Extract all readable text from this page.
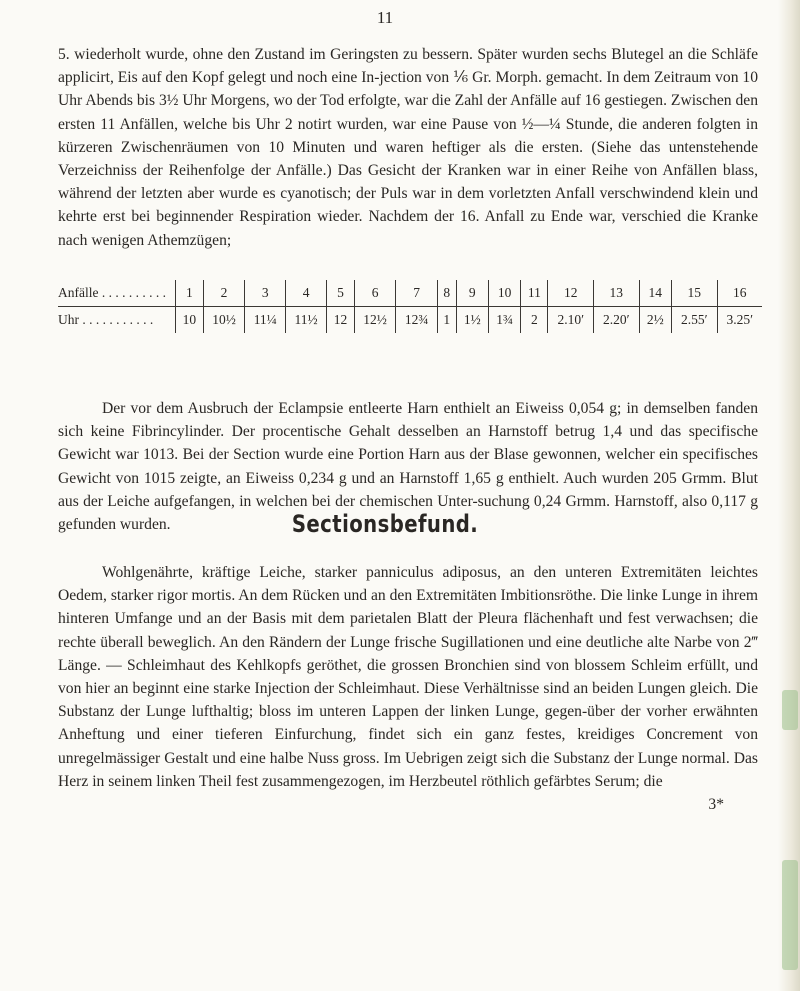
11

5. wiederholt wurde, ohne den Zustand im Geringsten zu bessern. Später wurden sechs Blutegel an die Schläfe applicirt, Eis auf den Kopf gelegt und noch eine In-jection von ⅙ Gr. Morph. gemacht. In dem Zeitraum von 10 Uhr Abends bis 3½ Uhr Morgens, wo der Tod erfolgte, war die Zahl der Anfälle auf 16 gestiegen. Zwischen den ersten 11 Anfällen, welche bis Uhr 2 notirt wurden, war eine Pause von ½—¼ Stunde, die anderen folgten in kürzeren Zwischenräumen von 10 Minuten und waren heftiger als die ersten. (Siehe das untenstehende Verzeichniss der Reihenfolge der Anfälle.) Das Gesicht der Kranken war in einer Reihe von Anfällen blass, während der letzten aber wurde es cyanotisch; der Puls war in dem vorletzten Anfall verschwindend klein und kehrte erst bei beginnender Respiration wieder. Nachdem der 16. Anfall zu Ende war, verschied die Kranke nach wenigen Athemzügen;

Anfälle . . . . . . . . . .		1	2	3	4	5	6	7	8	9	10	11	12	13	14	15	16
Uhr . . . . . . . . . . .		10	10½	11¼	11½	12	12½	12¾	1	1½	1¾	2	2.10′	2.20′	2½	2.55′	3.25′

Der vor dem Ausbruch der Eclampsie entleerte Harn enthielt an Eiweiss 0,054 g; in demselben fanden sich keine Fibrincylinder. Der procentische Gehalt desselben an Harnstoff betrug 1,4 und das specifische Gewicht war 1013. Bei der Section wurde eine Portion Harn aus der Blase gewonnen, welcher ein specifisches Gewicht von 1015 zeigte, an Eiweiss 0,234 g und an Harnstoff 1,65 g enthielt. Auch wurden 205 Grmm. Blut aus der Leiche aufgefangen, in welchen bei der chemischen Unter-suchung 0,24 Grmm. Harnstoff, also 0,117 g gefunden wurden.	Sectionsbefund.

Wohlgenährte, kräftige Leiche, starker panniculus adiposus, an den unteren Extremitäten leichtes Oedem, starker rigor mortis. An dem Rücken und an den Extremitäten Imbitionsröthe. Die linke Lunge in ihrem hinteren Umfange und an der Basis mit dem parietalen Blatt der Pleura flächenhaft und fest verwachsen; die rechte überall beweglich. An den Rändern der Lunge frische Sugillationen und eine deutliche alte Narbe von 2‴ Länge. — Schleimhaut des Kehlkopfs geröthet, die grossen Bronchien sind von blossem Schleim erfüllt, und von hier an beginnt eine starke Injection der Schleimhaut. Diese Verhältnisse sind an beiden Lungen gleich. Die Substanz der Lunge lufthaltig; bloss im unteren Lappen der linken Lunge, gegen-über der vorher erwähnten Anheftung und einer tieferen Einfurchung, findet sich ein ganz festes, kreidiges Concrement von unregelmässiger Gestalt und eine halbe Nuss gross. Im Uebrigen zeigt sich die Substanz der Lunge normal. Das Herz in seinem linken Theil fest zusammengezogen, im Herzbeutel röthlich gefärbtes Serum; die

3*
